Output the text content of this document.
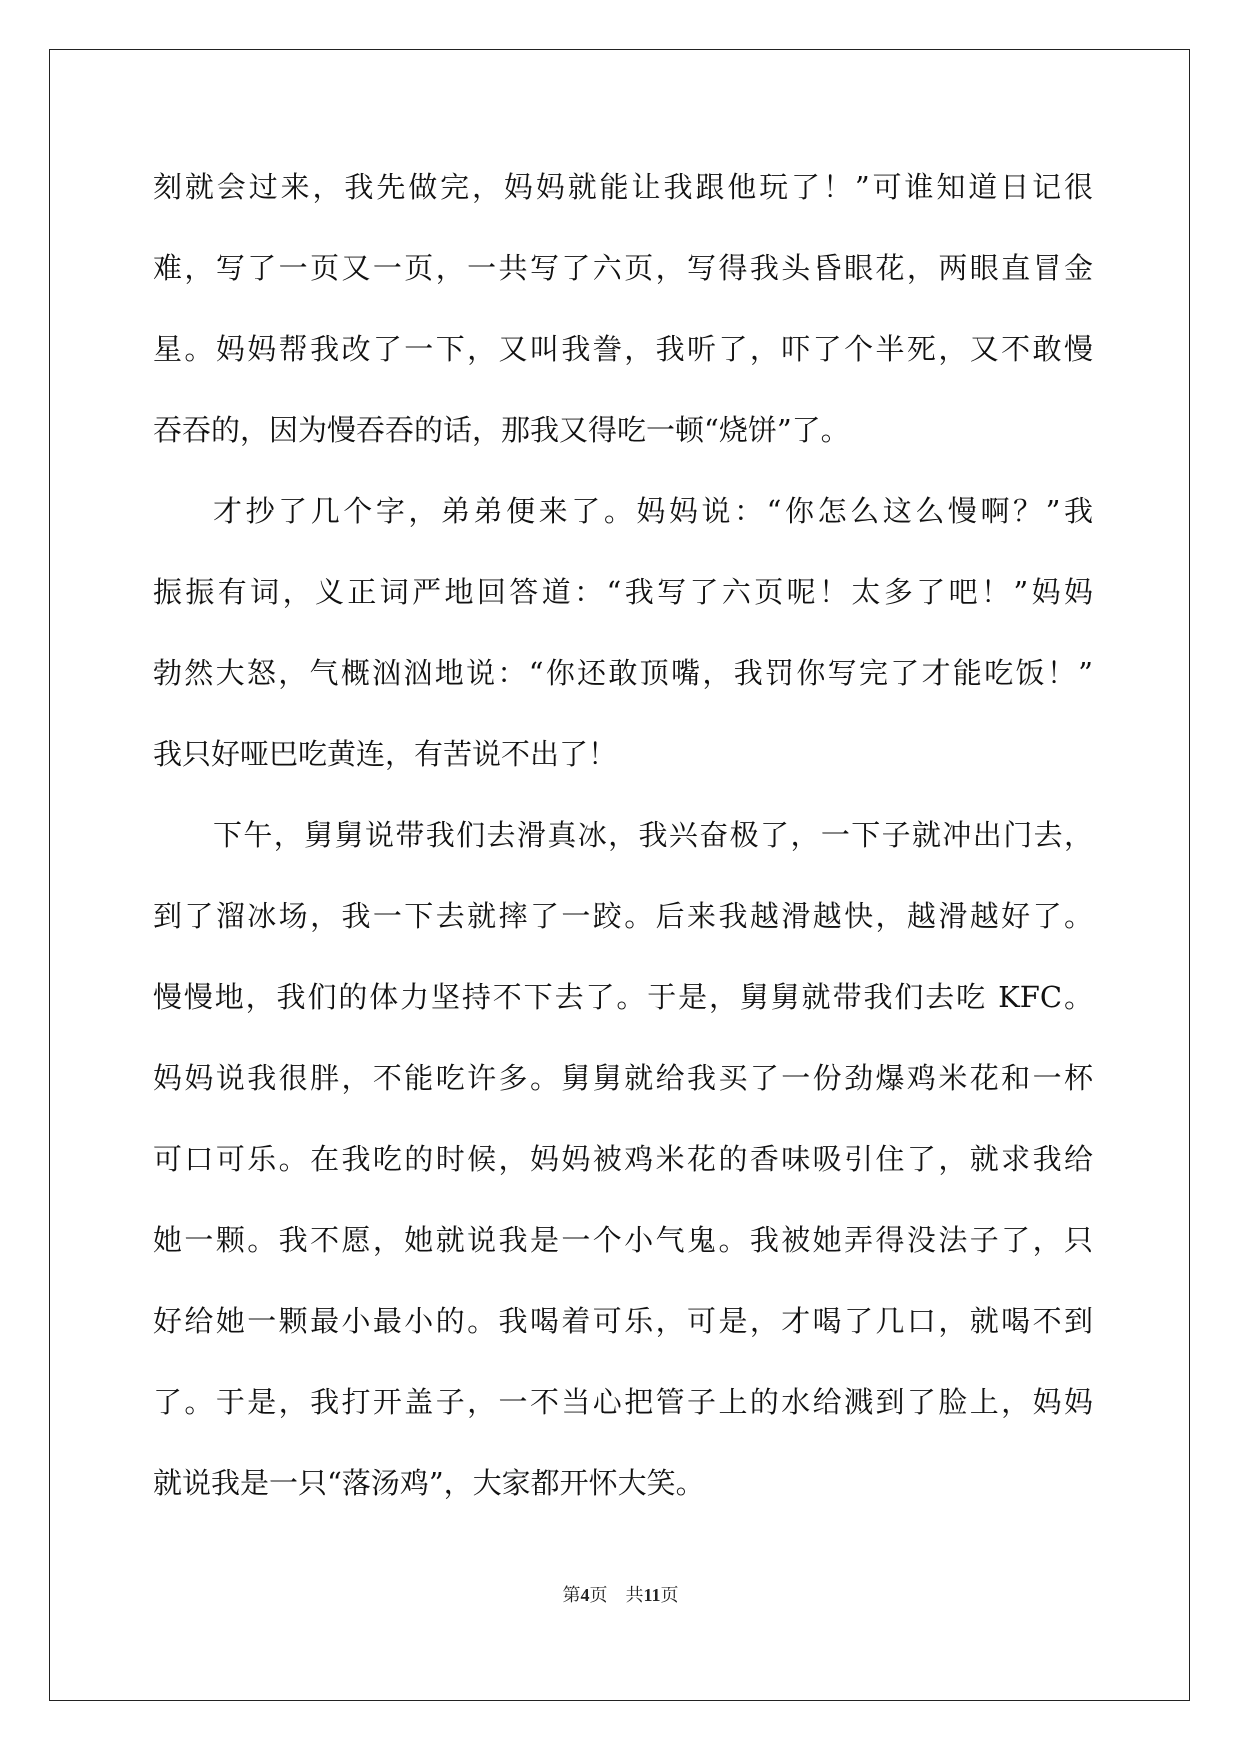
刻就会过来，我先做完，妈妈就能让我跟他玩了！”可谁知道日记很
难，写了一页又一页，一共写了六页，写得我头昏眼花，两眼直冒金
星。妈妈帮我改了一下，又叫我誊，我听了，吓了个半死，又不敢慢
吞吞的，因为慢吞吞的话，那我又得吃一顿“烧饼”了。
才抄了几个字，弟弟便来了。妈妈说：“你怎么这么慢啊？”我
振振有词，义正词严地回答道：“我写了六页呢！太多了吧！”妈妈
勃然大怒，气概汹汹地说：“你还敢顶嘴，我罚你写完了才能吃饭！”
我只好哑巴吃黄连，有苦说不出了！
下午，舅舅说带我们去滑真冰，我兴奋极了，一下子就冲出门去，
到了溜冰场，我一下去就摔了一跤。后来我越滑越快，越滑越好了。
慢慢地，我们的体力坚持不下去了。于是，舅舅就带我们去吃 KFC。
妈妈说我很胖，不能吃许多。舅舅就给我买了一份劲爆鸡米花和一杯
可口可乐。在我吃的时候，妈妈被鸡米花的香味吸引住了，就求我给
她一颗。我不愿，她就说我是一个小气鬼。我被她弄得没法子了，只
好给她一颗最小最小的。我喝着可乐，可是，才喝了几口，就喝不到
了。于是，我打开盖子，一不当心把管子上的水给溅到了脸上，妈妈
就说我是一只“落汤鸡”，大家都开怀大笑。
第4页 共11页
